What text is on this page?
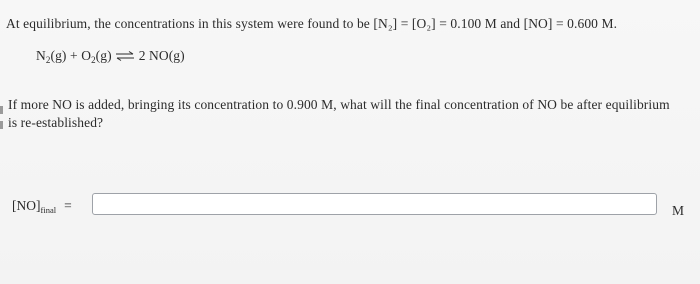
At equilibrium, the concentrations in this system were found to be [N₂] = [O₂] = 0.100 M and [NO] = 0.600 M.
$N_2(g) + O_2(g)$ ⇌ 2 NO(g)
If more NO is added, bringing its concentration to 0.900 M, what will the final concentration of NO be after equilibrium
is re-established?
$[NO]_{final}$ =	M
